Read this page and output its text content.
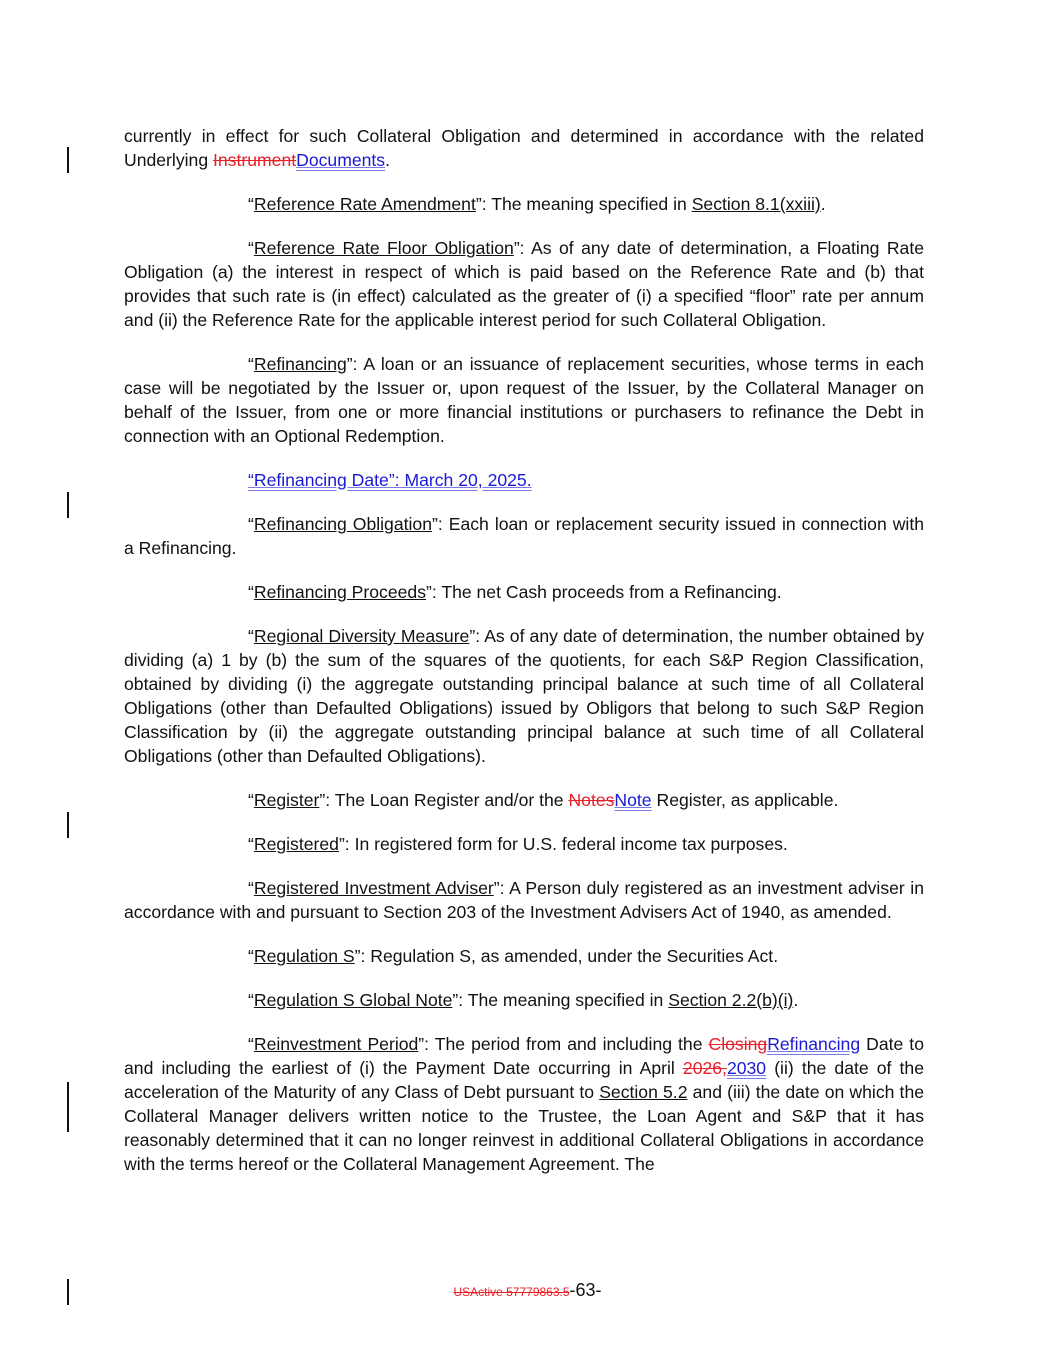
currently in effect for such Collateral Obligation and determined in accordance with the related Underlying InstrumentDocuments.

“Reference Rate Amendment”: The meaning specified in Section 8.1(xxiii).

“Reference Rate Floor Obligation”: As of any date of determination, a Floating Rate Obligation (a) the interest in respect of which is paid based on the Reference Rate and (b) that provides that such rate is (in effect) calculated as the greater of (i) a specified “floor” rate per annum and (ii) the Reference Rate for the applicable interest period for such Collateral Obligation.

“Refinancing”: A loan or an issuance of replacement securities, whose terms in each case will be negotiated by the Issuer or, upon request of the Issuer, by the Collateral Manager on behalf of the Issuer, from one or more financial institutions or purchasers to refinance the Debt in connection with an Optional Redemption.

“Refinancing Date”: March 20, 2025.

“Refinancing Obligation”: Each loan or replacement security issued in connection with a Refinancing.

“Refinancing Proceeds”: The net Cash proceeds from a Refinancing.

“Regional Diversity Measure”: As of any date of determination, the number obtained by dividing (a) 1 by (b) the sum of the squares of the quotients, for each S&P Region Classification, obtained by dividing (i) the aggregate outstanding principal balance at such time of all Collateral Obligations (other than Defaulted Obligations) issued by Obligors that belong to such S&P Region Classification by (ii) the aggregate outstanding principal balance at such time of all Collateral Obligations (other than Defaulted Obligations).

“Register”: The Loan Register and/or the NotesNote Register, as applicable.

“Registered”: In registered form for U.S. federal income tax purposes.

“Registered Investment Adviser”: A Person duly registered as an investment adviser in accordance with and pursuant to Section 203 of the Investment Advisers Act of 1940, as amended.

“Regulation S”: Regulation S, as amended, under the Securities Act.

“Regulation S Global Note”: The meaning specified in Section 2.2(b)(i).

“Reinvestment Period”: The period from and including the ClosingRefinancing Date to and including the earliest of (i) the Payment Date occurring in April 2026,2030 (ii) the date of the acceleration of the Maturity of any Class of Debt pursuant to Section 5.2 and (iii) the date on which the Collateral Manager delivers written notice to the Trustee, the Loan Agent and S&P that it has reasonably determined that it can no longer reinvest in additional Collateral Obligations in accordance with the terms hereof or the Collateral Management Agreement. The

USActive 57779863.5-63-
